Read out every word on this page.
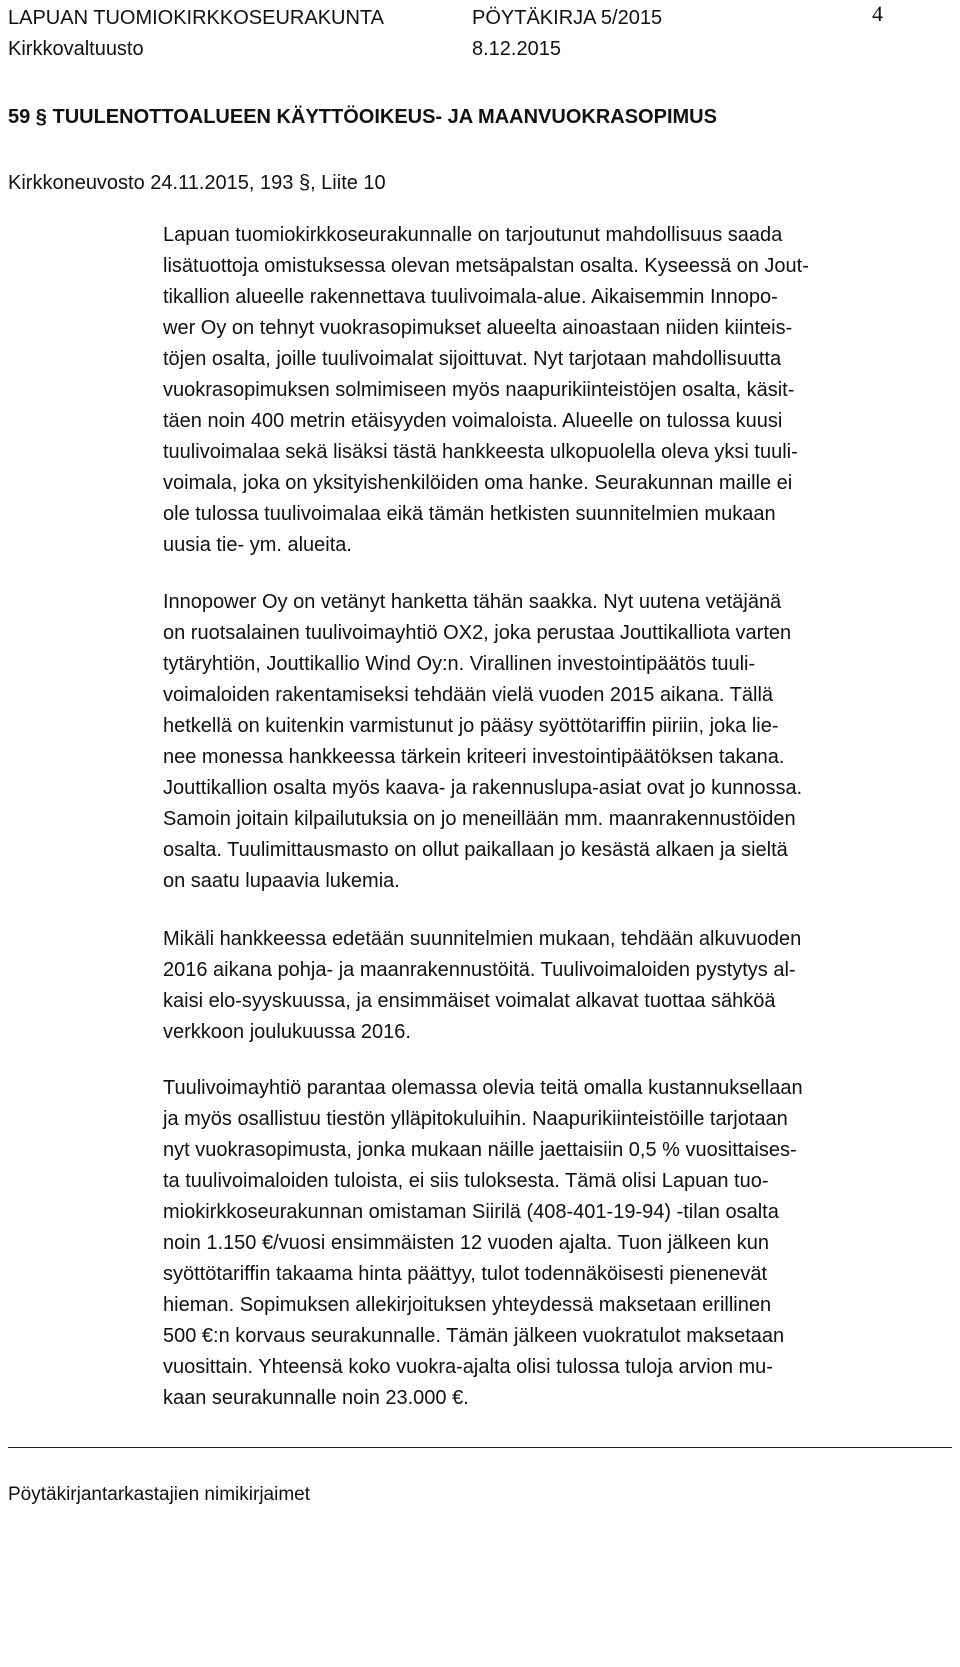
LAPUAN TUOMIOKIRKKOSEURAKUNTA	PÖYTÄKIRJA 5/2015
Kirkkovaltuusto	8.12.2015
4
59 § TUULENOTTOALUEEN KÄYTTÖOIKEUS- JA MAANVUOKRASOPIMUS
Kirkkoneuvosto 24.11.2015, 193 §, Liite 10
Lapuan tuomiokirkkoseurakunnalle on tarjoutunut mahdollisuus saada
lisätuottoja omistuksessa olevan metsäpalstan osalta. Kyseessä on Jout-
tikallion alueelle rakennettava tuulivoimala-alue. Aikaisemmin Innopo-
wer Oy on tehnyt vuokrasopimukset alueelta ainoastaan niiden kiinteis-
töjen osalta, joille tuulivoimalat sijoittuvat. Nyt tarjotaan mahdollisuutta
vuokrasopimuksen solmimiseen myös naapurikiinteistöjen osalta, käsit-
täen noin 400 metrin etäisyyden voimaloista. Alueelle on tulossa kuusi
tuulivoimalaa sekä lisäksi tästä hankkeesta ulkopuolella oleva yksi tuuli-
voimala, joka on yksityishenkilöiden oma hanke. Seurakunnan maille ei
ole tulossa tuulivoimalaa eikä tämän hetkisten suunnitelmien mukaan
uusia tie- ym. alueita.
Innopower Oy on vetänyt hanketta tähän saakka. Nyt uutena vetäjänä
on ruotsalainen tuulivoimayhtiö OX2, joka perustaa Jouttikalliota varten
tytäryhtiön, Jouttikallio Wind Oy:n. Virallinen investointipäätös tuuli-
voimaloiden rakentamiseksi tehdään vielä vuoden 2015 aikana. Tällä
hetkellä on kuitenkin varmistunut jo pääsy syöttötariffin piiriin, joka lie-
nee monessa hankkeessa tärkein kriteeri investointipäätöksen takana.
Jouttikallion osalta myös kaava- ja rakennuslupa-asiat ovat jo kunnossa.
Samoin joitain kilpailutuksia on jo meneillään mm. maanrakennustöiden
osalta. Tuulimittausmasto on ollut paikallaan jo kesästä alkaen ja sieltä
on saatu lupaavia lukemia.
Mikäli hankkeessa edetään suunnitelmien mukaan, tehdään alkuvuoden
2016 aikana pohja- ja maanrakennustöitä. Tuulivoimaloiden pystytys al-
kaisi elo-syyskuussa, ja ensimmäiset voimalat alkavat tuottaa sähköä
verkkoon joulukuussa 2016.
Tuulivoimayhtiö parantaa olemassa olevia teitä omalla kustannuksellaan
ja myös osallistuu tiestön ylläpitokuluihin. Naapurikiinteistöille tarjotaan
nyt vuokrasopimusta, jonka mukaan näille jaettaisiin 0,5 % vuosittaises-
ta tuulivoimaloiden tuloista, ei siis tuloksesta. Tämä olisi Lapuan tuo-
miokirkkoseurakunnan omistaman Siirilä (408-401-19-94) -tilan osalta
noin 1.150 €/vuosi ensimmäisten 12 vuoden ajalta. Tuon jälkeen kun
syöttötariffin takaama hinta päättyy, tulot todennäköisesti pienenevät
hieman. Sopimuksen allekirjoituksen yhteydessä maksetaan erillinen
500 €:n korvaus seurakunnalle. Tämän jälkeen vuokratulot maksetaan
vuosittain. Yhteensä koko vuokra-ajalta olisi tulossa tuloja arvion mu-
kaan seurakunnalle noin 23.000 €.
Pöytäkirjantarkastajien nimikirjaimet
